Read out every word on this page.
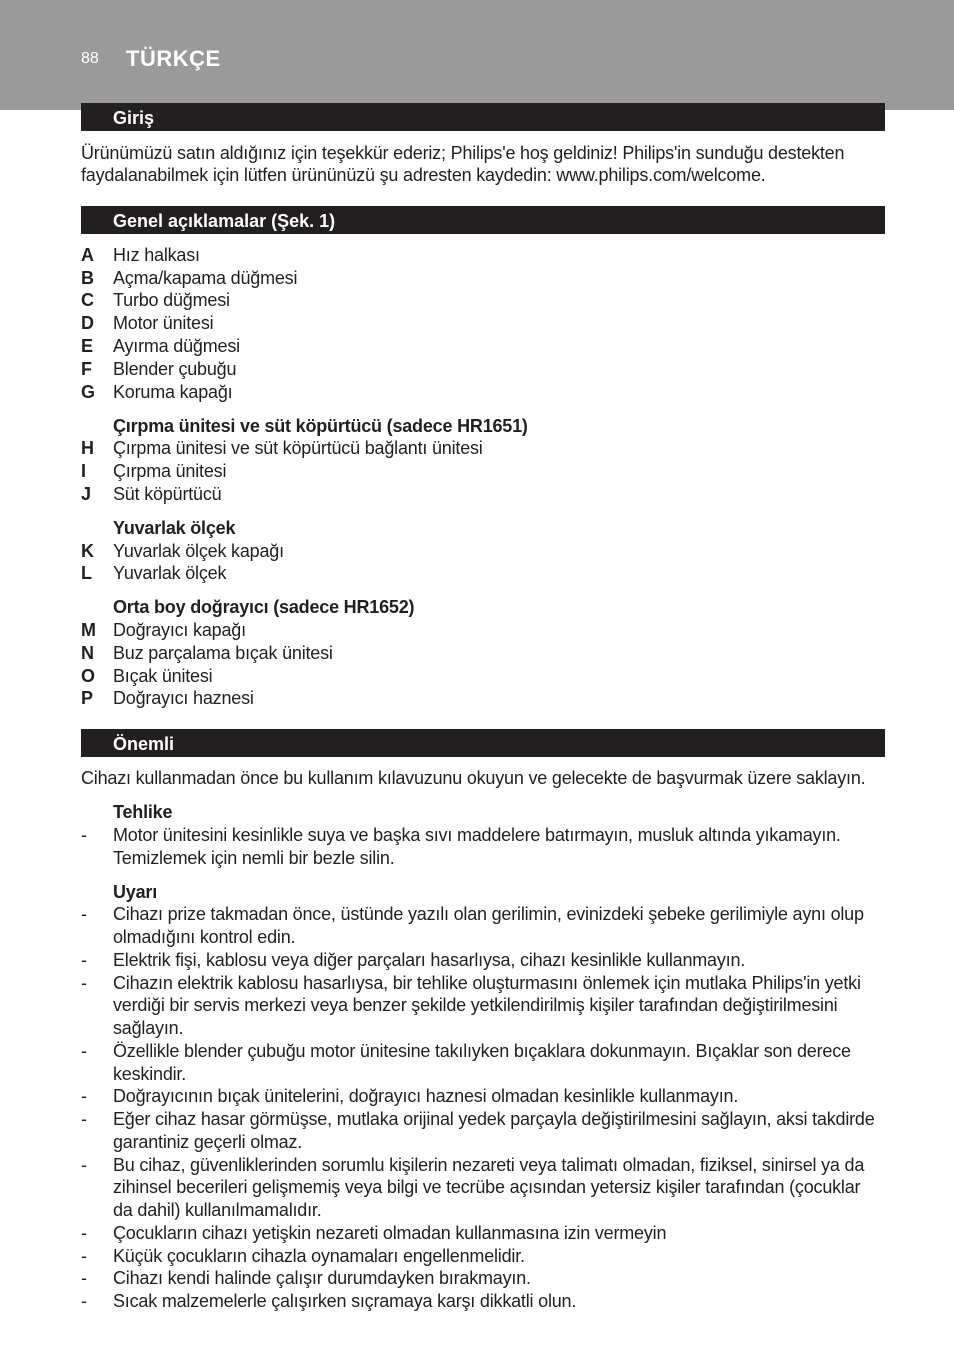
88 TÜRKÇE
Giriş
Ürünümüzü satın aldığınız için teşekkür ederiz; Philips'e hoş geldiniz! Philips'in sunduğu destekten
faydalanabilmek için lütfen ürününüzü şu adresten kaydedin: www.philips.com/welcome.
Genel açıklamalar (Şek. 1)
A Hız halkası
B Açma/kapama düğmesi
C Turbo düğmesi
D Motor ünitesi
E Ayırma düğmesi
F Blender çubuğu
G Koruma kapağı
Çırpma ünitesi ve süt köpürtücü (sadece HR1651)
H Çırpma ünitesi ve süt köpürtücü bağlantı ünitesi
I Çırpma ünitesi
J Süt köpürtücü
Yuvarlak ölçek
K Yuvarlak ölçek kapağı
L Yuvarlak ölçek
Orta boy doğrayıcı (sadece HR1652)
M Doğrayıcı kapağı
N Buz parçalama bıçak ünitesi
O Bıçak ünitesi
P Doğrayıcı haznesi
Önemli
Cihazı kullanmadan önce bu kullanım kılavuzunu okuyun ve gelecekte de başvurmak üzere saklayın.
Tehlike
- Motor ünitesini kesinlikle suya ve başka sıvı maddelere batırmayın, musluk altında yıkamayın.
Temizlemek için nemli bir bezle silin.
Uyarı
- Cihazı prize takmadan önce, üstünde yazılı olan gerilimin, evinizdeki şebeke gerilimiyle aynı olup
olmadığını kontrol edin.
- Elektrik fişi, kablosu veya diğer parçaları hasarlıysa, cihazı kesinlikle kullanmayın.
- Cihazın elektrik kablosu hasarlıysa, bir tehlike oluşturmasını önlemek için mutlaka Philips'in yetki
verdiği bir servis merkezi veya benzer şekilde yetkilendirilmiş kişiler tarafından değiştirilmesini
sağlayın.
- Özellikle blender çubuğu motor ünitesine takılıyken bıçaklara dokunmayın. Bıçaklar son derece
keskindir.
- Doğrayıcının bıçak ünitelerini, doğrayıcı haznesi olmadan kesinlikle kullanmayın.
- Eğer cihaz hasar görmüşse, mutlaka orijinal yedek parçayla değiştirilmesini sağlayın, aksi takdirde
garantiniz geçerli olmaz.
- Bu cihaz, güvenliklerinden sorumlu kişilerin nezareti veya talimatı olmadan, fiziksel, sinirsel ya da
zihinsel becerileri gelişmemiş veya bilgi ve tecrübe açısından yetersiz kişiler tarafından (çocuklar
da dahil) kullanılmamalıdır.
- Çocukların cihazı yetişkin nezareti olmadan kullanmasına izin vermeyin
- Küçük çocukların cihazla oynamaları engellenmelidir.
- Cihazı kendi halinde çalışır durumdayken bırakmayın.
- Sıcak malzemelerle çalışırken sıçramaya karşı dikkatli olun.
